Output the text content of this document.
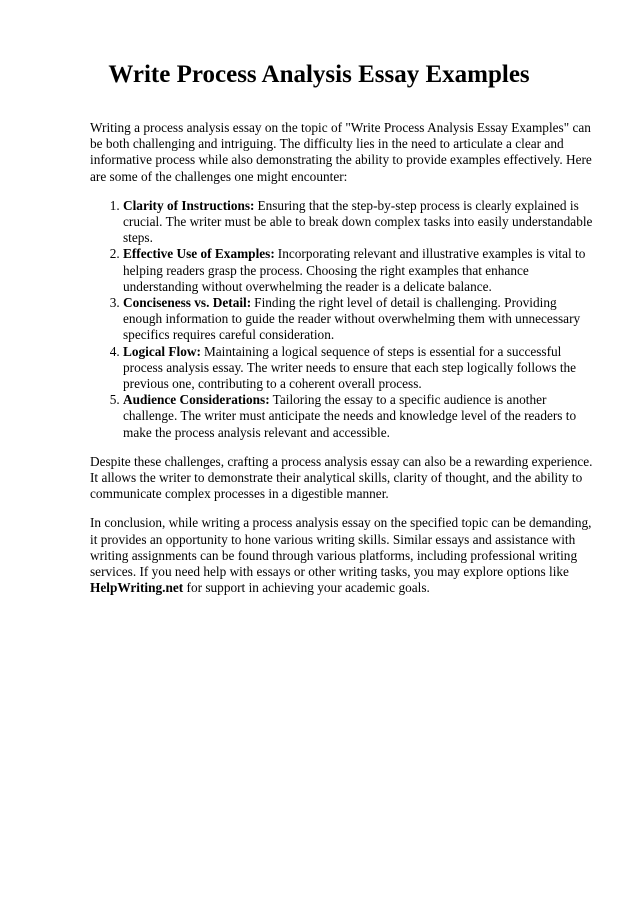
Write Process Analysis Essay Examples

Writing a process analysis essay on the topic of "Write Process Analysis Essay Examples" can be both challenging and intriguing. The difficulty lies in the need to articulate a clear and informative process while also demonstrating the ability to provide examples effectively. Here are some of the challenges one might encounter:

1. Clarity of Instructions: Ensuring that the step-by-step process is clearly explained is crucial. The writer must be able to break down complex tasks into easily understandable steps.
2. Effective Use of Examples: Incorporating relevant and illustrative examples is vital to helping readers grasp the process. Choosing the right examples that enhance understanding without overwhelming the reader is a delicate balance.
3. Conciseness vs. Detail: Finding the right level of detail is challenging. Providing enough information to guide the reader without overwhelming them with unnecessary specifics requires careful consideration.
4. Logical Flow: Maintaining a logical sequence of steps is essential for a successful process analysis essay. The writer needs to ensure that each step logically follows the previous one, contributing to a coherent overall process.
5. Audience Considerations: Tailoring the essay to a specific audience is another challenge. The writer must anticipate the needs and knowledge level of the readers to make the process analysis relevant and accessible.

Despite these challenges, crafting a process analysis essay can also be a rewarding experience. It allows the writer to demonstrate their analytical skills, clarity of thought, and the ability to communicate complex processes in a digestible manner.

In conclusion, while writing a process analysis essay on the specified topic can be demanding, it provides an opportunity to hone various writing skills. Similar essays and assistance with writing assignments can be found through various platforms, including professional writing services. If you need help with essays or other writing tasks, you may explore options like HelpWriting.net for support in achieving your academic goals.
